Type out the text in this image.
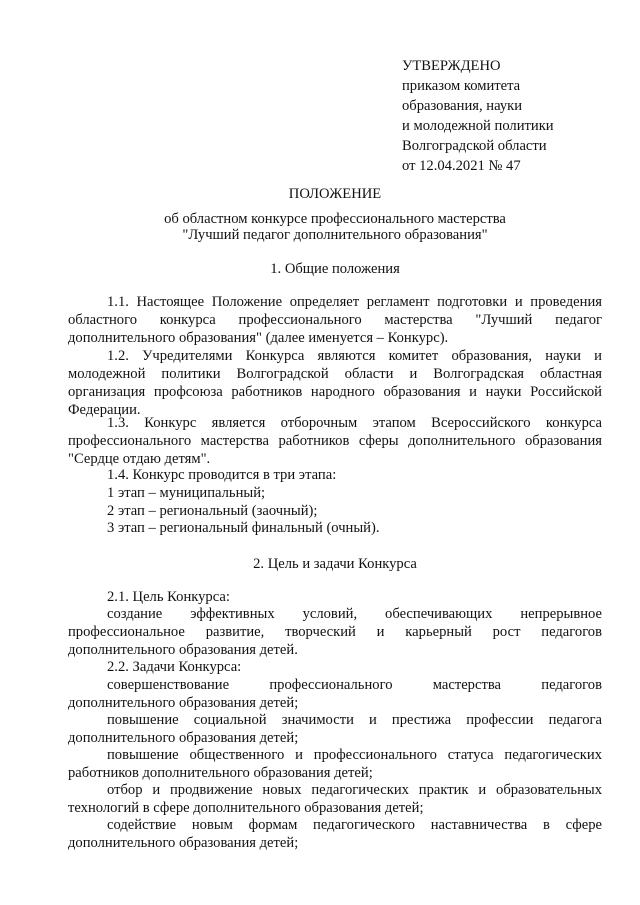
УТВЕРЖДЕНО
приказом комитета
образования, науки
и молодежной политики
Волгоградской области
от 12.04.2021 № 47
ПОЛОЖЕНИЕ
об областном конкурсе профессионального мастерства
"Лучший педагог дополнительного образования"
1. Общие положения
1.1. Настоящее Положение определяет регламент подготовки и проведения областного конкурса профессионального мастерства "Лучший педагог дополнительного образования" (далее именуется – Конкурс).
1.2. Учредителями Конкурса являются комитет образования, науки и молодежной политики Волгоградской области и Волгоградская областная организация профсоюза работников народного образования и науки Российской Федерации.
1.3. Конкурс является отборочным этапом Всероссийского конкурса профессионального мастерства работников сферы дополнительного образования "Сердце отдаю детям".
1.4. Конкурс проводится в три этапа:
1 этап – муниципальный;
2 этап – региональный (заочный);
3 этап – региональный финальный (очный).
2. Цель и задачи Конкурса
2.1. Цель Конкурса:
создание эффективных условий, обеспечивающих непрерывное профессиональное развитие, творческий и карьерный рост педагогов дополнительного образования детей.
2.2. Задачи Конкурса:
совершенствование профессионального мастерства педагогов дополнительного образования детей;
повышение социальной значимости и престижа профессии педагога дополнительного образования детей;
повышение общественного и профессионального статуса педагогических работников дополнительного образования детей;
отбор и продвижение новых педагогических практик и образовательных технологий в сфере дополнительного образования детей;
содействие новым формам педагогического наставничества в сфере дополнительного образования детей;
